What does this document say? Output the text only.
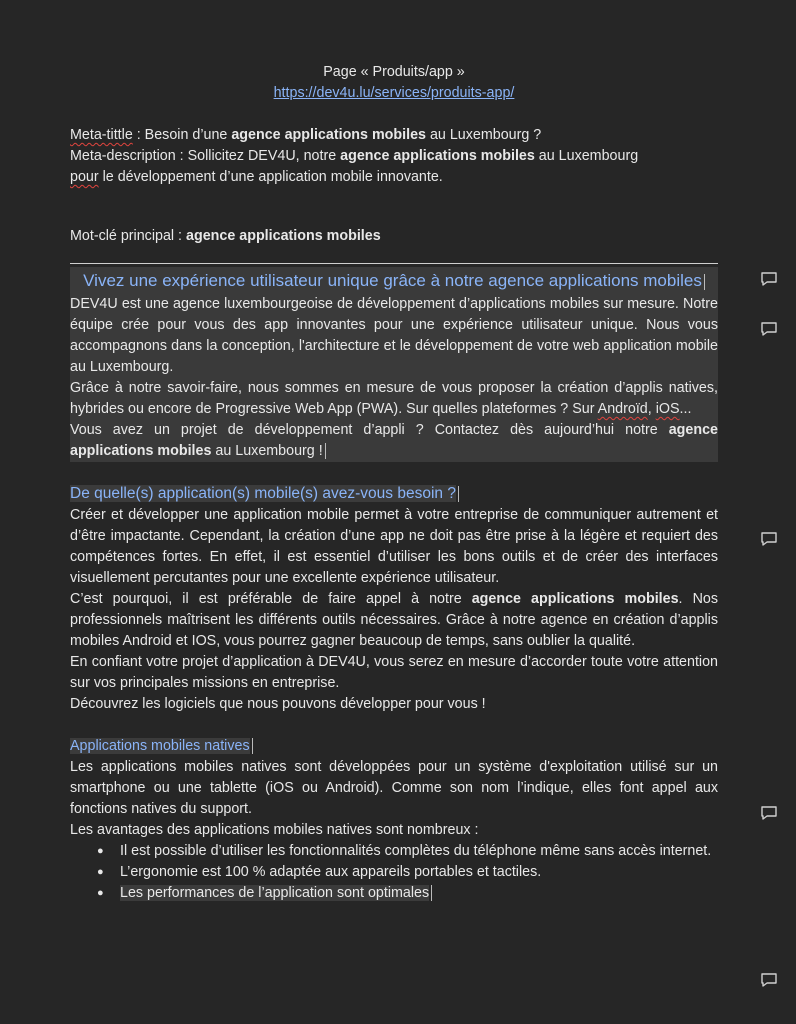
Page « Produits/app »
https://dev4u.lu/services/produits-app/
Meta-tittle : Besoin d’une agence applications mobiles au Luxembourg ?
Meta-description : Sollicitez DEV4U, notre agence applications mobiles au Luxembourg
pour le développement d’une application mobile innovante.
Mot-clé principal : agence applications mobiles
Vivez une expérience utilisateur unique grâce à notre agence applications mobiles
DEV4U est une agence luxembourgeoise de développement d’applications mobiles sur mesure. Notre équipe crée pour vous des app innovantes pour une expérience utilisateur unique. Nous vous accompagnons dans la conception, l'architecture et le développement de votre web application mobile au Luxembourg.
Grâce à notre savoir-faire, nous sommes en mesure de vous proposer la création d’applis natives, hybrides ou encore de Progressive Web App (PWA). Sur quelles plateformes ? Sur Androïd, iOS...
Vous avez un projet de développement d’appli ? Contactez dès aujourd’hui notre agence applications mobiles au Luxembourg !
De quelle(s) application(s) mobile(s) avez-vous besoin ?
Créer et développer une application mobile permet à votre entreprise de communiquer autrement et d’être impactante. Cependant, la création d’une app ne doit pas être prise à la légère et requiert des compétences fortes. En effet, il est essentiel d’utiliser les bons outils et de créer des interfaces visuellement percutantes pour une excellente expérience utilisateur.
C’est pourquoi, il est préférable de faire appel à notre agence applications mobiles. Nos professionnels maîtrisent les différents outils nécessaires. Grâce à notre agence en création d’applis mobiles Android et IOS, vous pourrez gagner beaucoup de temps, sans oublier la qualité.
En confiant votre projet d’application à DEV4U, vous serez en mesure d’accorder toute votre attention sur vos principales missions en entreprise.
Découvrez les logiciels que nous pouvons développer pour vous !
Applications mobiles natives
Les applications mobiles natives sont développées pour un système d'exploitation utilisé sur un smartphone ou une tablette (iOS ou Android). Comme son nom l’indique, elles font appel aux fonctions natives du support.
Les avantages des applications mobiles natives sont nombreux :
● Il est possible d’utiliser les fonctionnalités complètes du téléphone même sans accès internet.
● L’ergonomie est 100 % adaptée aux appareils portables et tactiles.
● Les performances de l’application sont optimales
